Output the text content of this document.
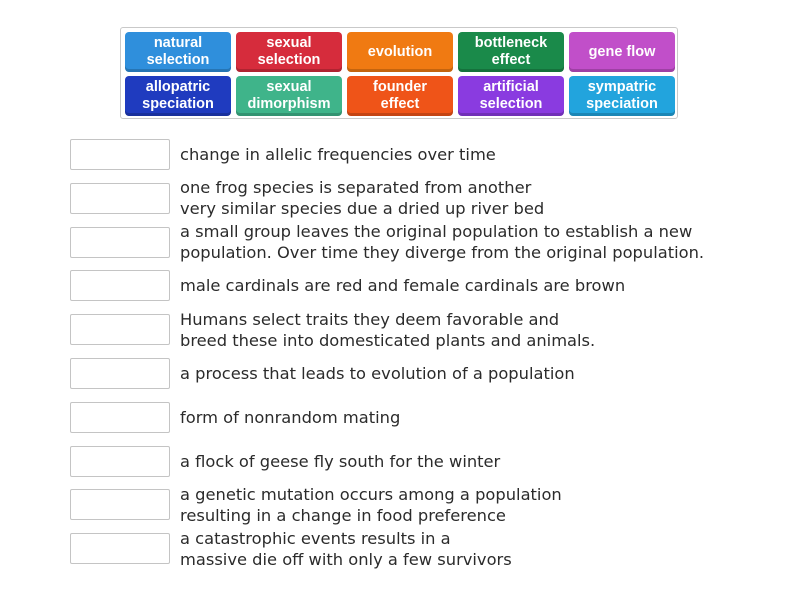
natural
selection
sexual
selection
evolution
bottleneck
effect
gene flow
allopatric
speciation
sexual
dimorphism
founder
effect
artificial
selection
sympatric
speciation
change in allelic frequencies over time
one frog species is separated from another
very similar species due a dried up river bed
a small group leaves the original population to establish a new
population. Over time they diverge from the original population.
male cardinals are red and female cardinals are brown
Humans select traits they deem favorable and
breed these into domesticated plants and animals.
a process that leads to evolution of a population
form of nonrandom mating
a flock of geese fly south for the winter
a genetic mutation occurs among a population
resulting in a change in food preference
a catastrophic events results in a
massive die off with only a few survivors
